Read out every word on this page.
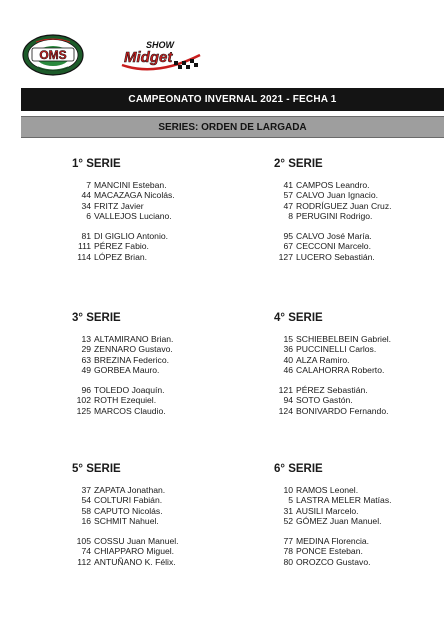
OMS
SHOW
Midget
CAMPEONATO INVERNAL 2021 - FECHA 1
SERIES: ORDEN DE LARGADA
1° SERIE
7 MANCINI Esteban.
44 MACAZAGA Nicolás.
34 FRITZ Javier
6 VALLEJOS Luciano.
81 DI GIGLIO Antonio.
111 PÉREZ Fabio.
114 LÓPEZ Brian.
2° SERIE
41 CAMPOS Leandro.
57 CALVO Juan Ignacio.
47 RODRÍGUEZ Juan Cruz.
8 PERUGINI Rodrigo.
95 CALVO José María.
67 CECCONI Marcelo.
127 LUCERO Sebastián.
3° SERIE
13 ALTAMIRANO Brian.
29 ZENNARO Gustavo.
63 BREZINA Federico.
49 GORBEA Mauro.
96 TOLEDO Joaquín.
102 ROTH Ezequiel.
125 MARCOS Claudio.
4° SERIE
15 SCHIEBELBEIN Gabriel.
36 PUCCINELLI Carlos.
40 ALZA Ramiro.
46 CALAHORRA Roberto.
121 PÉREZ Sebastián.
94 SOTO Gastón.
124 BONIVARDO Fernando.
5° SERIE
37 ZAPATA Jonathan.
54 COLTURI Fabián.
58 CAPUTO Nicolás.
16 SCHMIT Nahuel.
105 COSSU Juan Manuel.
74 CHIAPPARO Miguel.
112 ANTUÑANO K. Félix.
6° SERIE
10 RAMOS Leonel.
5 LASTRA MELER Matías.
31 AUSILI Marcelo.
52 GÓMEZ Juan Manuel.
77 MEDINA Florencia.
78 PONCE Esteban.
80 OROZCO Gustavo.
